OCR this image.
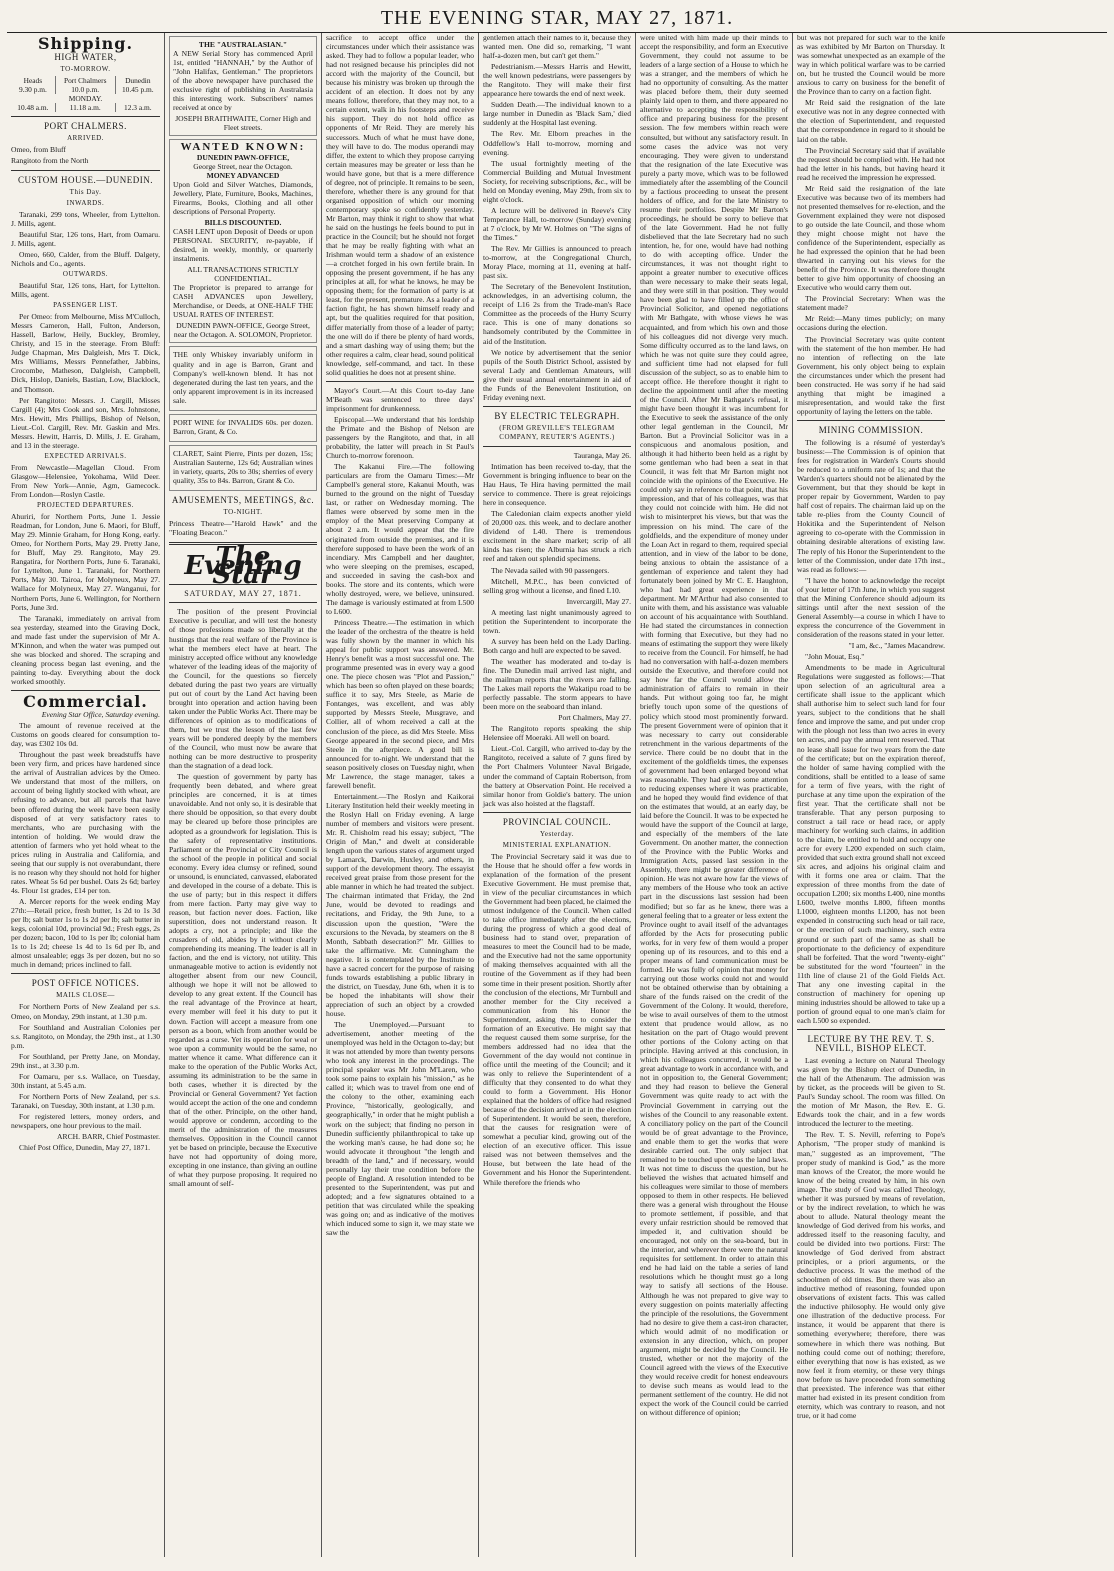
THE EVENING STAR, MAY 27, 1871.
Shipping.
HIGH WATER,
TO-MORROW.
Heads	Port Chalmers	Dunedin
9.30 p.m.	10.0 p.m.	10.45 p.m.
MONDAY.		
10.48 a.m.	11.18 a.m.	12.3 a.m.
PORT CHALMERS.
ARRIVED.

Omeo, from Bluff

Rangitoto from the North

CUSTOM HOUSE.—DUNEDIN.
This Day.
INWARDS.

Taranaki, 299 tons, Wheeler, from Lyttelton. J. Mills, agent.

Beautiful Star, 126 tons, Hart, from Oamaru. J. Mills, agent.

Omeo, 660, Calder, from the Bluff. Dalgety, Nichols and Co., agents.

OUTWARDS.

Beautiful Star, 126 tons, Hart, for Lyttelton. Mills, agent.

PASSENGER LIST.

Per Omeo: from Melbourne, Miss M'Culloch, Messrs Cameron, Hall, Fulton, Anderson, Hassell, Barlow, Heily, Buckley, Bromley, Christy, and 15 in the steerage. From Bluff: Judge Chapman, Mrs Dalgleish, Mrs T. Dick, Mrs Williams, Messrs Pennefather, Jabbins, Crocombe, Matheson, Dalgleish, Campbell, Dick, Hislop, Daniels, Bastian, Low, Blacklock, and Thomson.

Per Rangitoto: Messrs. J. Cargill, Misses Cargill (4); Mrs Cook and son, Mrs. Johnstone, Mrs. Hewitt, Mrs Phillips, Bishop of Nelson, Lieut.-Col. Cargill, Rev. Mr. Gaskin and Mrs. Messrs. Hewitt, Harris, D. Mills, J. E. Graham, and 13 in the steerage.

EXPECTED ARRIVALS.

From Newcastle—Magellan Cloud. From Glasgow—Helensiee, Yokohama, Wild Deer. From New York—Annie, Agm, Gamecock. From London—Roslyn Castle.

PROJECTED DEPARTURES.

Ahuriri, for Northern Ports, June 1. Jessie Readman, for London, June 6. Maori, for Bluff, May 29. Minnie Graham, for Hong Kong, early. Omeo, for Northern Ports, May 29. Pretty Jane, for Bluff, May 29. Rangitoto, May 29. Rangatira, for Northern Ports, June 6. Taranaki, for Lyttelton, June 1. Taranaki, for Northern Ports, May 30. Tairoa, for Molyneux, May 27. Wallace for Molyneux, May 27. Wanganui, for Northern Ports, June 6. Wellington, for Northern Ports, June 3rd.

The Taranaki, immediately on arrival from sea yesterday, steamed into the Graving Dock, and made fast under the supervision of Mr A. M'Kinnon, and when the water was pumped out she was blocked and shored. The scraping and cleaning process began last evening, and the painting to-day. Everything about the dock worked smoothly.

Commercial.

Evening Star Office, Saturday evening.

The amount of revenue received at the Customs on goods cleared for consumption to-day, was £302 10s 0d.

Throughout the past week breadstuffs have been very firm, and prices have hardened since the arrival of Australian advices by the Omeo. We understand that most of the millers, on account of being lightly stocked with wheat, are refusing to advance, but all parcels that have been offered during the week have been easily disposed of at very satisfactory rates to merchants, who are purchasing with the intention of holding. We would draw the attention of farmers who yet hold wheat to the prices ruling in Australia and California, and seeing that our supply is not overabundant, there is no reason why they should not hold for higher rates. Wheat 5s 6d per bushel. Oats 2s 6d; barley 4s. Flour 1st grades, £14 per ton.

A. Mercer reports for the week ending May 27th:—Retail price, fresh butter, 1s 2d to 1s 3d per lb; salt butter 1s to 1s 2d per lb; salt butter in kegs, colonial 10d, provincial 9d.; Fresh eggs, 2s per dozen; bacon, 10d to 1s per lb; colonial ham 1s to 1s 2d; cheese 1s 4d to 1s 6d per lb, and almost unsaleable; eggs 3s per dozen, but no so much in demand; prices inclined to fall.

POST OFFICE NOTICES.
MAILS CLOSE—

For Northern Ports of New Zealand per s.s. Omeo, on Monday, 29th instant, at 1.30 p.m.

For Southland and Australian Colonies per s.s. Rangitoto, on Monday, the 29th inst., at 1.30 p.m.

For Southland, per Pretty Jane, on Monday, 29th inst., at 3.30 p.m.

For Oamaru, per s.s. Wallace, on Tuesday, 30th instant, at 5.45 a.m.

For Northern Ports of New Zealand, per s.s. Taranaki, on Tuesday, 30th instant, at 1.30 p.m.

For registered letters, money orders, and newspapers, one hour previous to the mail.

ARCH. BARR, Chief Postmaster.

Chief Post Office, Dunedin, May 27, 1871.

THE "AUSTRALASIAN."

A NEW Serial Story has commenced April 1st, entitled "HANNAH," by the Author of "John Halifax, Gentleman." The proprietors of the above newspaper have purchased the exclusive right of publishing in Australasia this interesting work. Subscribers' names received at once by

JOSEPH BRAITHWAITE, Corner High and Fleet streets.
WANTED KNOWN:
DUNEDIN PAWN-OFFICE,
George Street, near the Octagon.
MONEY ADVANCED

Upon Gold and Silver Watches, Diamonds, Jewellery, Plate, Furniture, Books, Machines, Firearms, Books, Clothing and all other descriptions of Personal Property.

BILLS DISCOUNTED.

CASH LENT upon Deposit of Deeds or upon PERSONAL SECURITY, re-payable, if desired, in weekly, monthly, or quarterly instalments.

ALL TRANSACTIONS STRICTLY CONFIDENTIAL.

The Proprietor is prepared to arrange for CASH ADVANCES upon Jewellery, Merchandise, or Deeds, at ONE-HALF THE USUAL RATES OF INTEREST.

DUNEDIN PAWN-OFFICE, George Street, near the Octagon. A. SOLOMON, Proprietor.

THE only Whiskey invariably uniform in quality and in age is Barron, Grant and Company's well-known blend. It has not degenerated during the last ten years, and the only apparent improvement is in its increased sale.

PORT WINE for INVALIDS 60s. per dozen. Barron, Grant, & Co.

CLARET, Saint Pierre, Pints per dozen, 15s; Australian Sauterne, 12s 6d; Australian wines in variety, quarts, 20s to 30s; sherries of every quality, 35s to 84s. Barron, Grant & Co.

AMUSEMENTS, MEETINGS, &c.
TO-NIGHT.

Princess Theatre—"Harold Hawk" and the "Floating Beacon."

The Evening Star
SATURDAY, MAY 27, 1871.

The position of the present Provincial Executive is peculiar, and will test the honesty of those professions made so liberally at the hustings that the real welfare of the Province is what the members elect have at heart. The ministry accepted office without any knowledge whatever of the leading ideas of the majority of the Council, for the questions so fiercely debated during the past two years are virtually put out of court by the Land Act having been brought into operation and action having been taken under the Public Works Act. There may be differences of opinion as to modifications of them, but we trust the lesson of the last few years will be pondered deeply by the members of the Council, who must now be aware that nothing can be more destructive to prosperity than the stagnation of a dead lock.

The question of government by party has frequently been debated, and where great principles are concerned, it is at times unavoidable. And not only so, it is desirable that there should be opposition, so that every doubt may be cleared up before those principles are adopted as a groundwork for legislation. This is the safety of representative institutions. Parliament or the Provincial or City Council is the school of the people in political and social economy. Every idea clumsy or refined, sound or unsound, is enunciated, canvassed, elaborated and developed in the course of a debate. This is the use of party; but in this respect it differs from mere faction. Party may give way to reason, but faction never does. Faction, like superstition, does not understand reason. It adopts a cry, not a principle; and like the crusaders of old, abides by it without clearly comprehending its meaning. The leader is all in faction, and the end is victory, not utility. This unmanageable motive to action is evidently not altogether absent from our new Council, although we hope it will not be allowed to develop to any great extent. If the Council has the real advantage of the Province at heart, every member will feel it his duty to put it down. Faction will accept a measure from one person as a boon, which from another would be regarded as a curse. Yet its operation for weal or woe upon a community would be the same, no matter whence it came. What difference can it make to the operation of the Public Works Act, assuming its administration to be the same in both cases, whether it is directed by the Provincial or General Government? Yet faction would accept the action of the one and condemn that of the other. Principle, on the other hand, would approve or condemn, according to the merit of the administration of the measures themselves. Opposition in the Council cannot yet be based on principle, because the Executive have not had opportunity of doing more, excepting in one instance, than giving an outline of what they purpose proposing. It required no small amount of self-

sacrifice to accept office under the circumstances under which their assistance was asked. They had to follow a popular leader, who had not resigned because his principles did not accord with the majority of the Council, but because his ministry was broken up through the accident of an election. It does not by any means follow, therefore, that they may not, to a certain extent, walk in his footsteps and receive his support. They do not hold office as opponents of Mr Reid. They are merely his successors. Much of what he must have done, they will have to do. The modus operandi may differ, the extent to which they propose carrying certain measures may be greater or less than he would have gone, but that is a mere difference of degree, not of principle. It remains to be seen, therefore, whether there is any ground for that organised opposition of which our morning contemporary spoke so confidently yesterday. Mr Barton, may think it right to show that what he said on the hustings he feels bound to put in practice in the Council; but he should not forget that he may be really fighting with what an Irishman would term a shadow of an existence—a crotchet forged in his own fertile brain. In opposing the present government, if he has any principles at all, for what he knows, he may be opposing them; for the formation of party is at least, for the present, premature. As a leader of a faction fight, he has shown himself ready and apt, but the qualities required for that position, differ materially from those of a leader of party; the one will do if there be plenty of hard words, and a smart dashing way of using them; but the other requires a calm, clear head, sound political knowledge, self-command, and tact. In these solid qualities he does not at present shine.

Mayor's Court.—At this Court to-day Jane M'Beath was sentenced to three days' imprisonment for drunkenness.

Episcopal.—We understand that his lordship the Primate and the Bishop of Nelson are passengers by the Rangitoto, and that, in all probability, the latter will preach in St Paul's Church to-morrow forenoon.

The Kakanui Fire.—The following particulars are from the Oamaru Times:—Mr Campbell's general store, Kakanui Mouth, was burned to the ground on the night of Tuesday last, or rather on Wednesday morning. The flames were observed by some men in the employ of the Meat preserving Company at about 2 a.m. It would appear that the fire originated from outside the premises, and it is therefore supposed to have been the work of an incendiary. Mrs Campbell and her daughter, who were sleeping on the premises, escaped, and succeeded in saving the cash-box and books. The store and its contents, which were wholly destroyed, were, we believe, uninsured. The damage is variously estimated at from L500 to L600.

Princess Theatre.—The estimation in which the leader of the orchestra of the theatre is held was fully shown by the manner in which his appeal for public support was answered. Mr. Henry's benefit was a most successful one. The programme presented was in every way a good one. The piece chosen was "Plot and Passion," which has been so often played on these boards; suffice it to say, Mrs Steele, as Marie de Fontanges, was excellent, and was ably supported by Messrs Steele, Musgrave, and Collier, all of whom received a call at the conclusion of the piece, as did Mrs Steele. Miss George appeared in the second piece, and Mrs Steele in the afterpiece. A good bill is announced for to-night. We understand that the season positively closes on Tuesday night, when Mr Lawrence, the stage manager, takes a farewell benefit.

Entertainment.—The Roslyn and Kaikorai Literary Institution held their weekly meeting in the Roslyn Hall on Friday evening. A large number of members and visitors were present. Mr. R. Chisholm read his essay; subject, "The Origin of Man," and dwelt at considerable length upon the various states of argument urged by Lamarck, Darwin, Huxley, and others, in support of the development theory. The essayist received great praise from those present for the able manner in which he had treated the subject. The chairman intimated that Friday, the 2nd June, would be devoted to readings and recitations, and Friday, the 9th June, to a discussion upon the question, "Were the excursions to the Nevada, by steamers on the 8 Month, Sabbath desecration?" Mr. Gillies to take the affirmative. Mr. Cunningham the negative. It is contemplated by the Institute to have a sacred concert for the purpose of raising funds towards establishing a public library in the district, on Tuesday, June 6th, when it is to be hoped the inhabitants will show their appreciation of such an object by a crowded house.

The Unemployed.—Pursuant to advertisement, another meeting of the unemployed was held in the Octagon to-day; but it was not attended by more than twenty persons who took any interest in the proceedings. The principal speaker was Mr John M'Laren, who took some pains to explain his "mission," as he called it; which was to travel from one end of the colony to the other, examining each Province, "historically, geologically, and geographically," in order that he might publish a work on the subject; that finding no person in Dunedin sufficiently philanthropical to take up the working man's cause, he had done so; he would advocate it throughout "the length and breadth of the land," and if necessary, would personally lay their true condition before the people of England. A resolution intended to be presented to the Superintendent, was put and adopted; and a few signatures obtained to a petition that was circulated while the speaking was going on; and as indicative of the motives which induced some to sign it, we may state we saw the

gentlemen attach their names to it, because they wanted men. One did so, remarking, "I want half-a-dozen men, but can't get them."

Pedestrianism.—Messrs Harris and Hewitt, the well known pedestrians, were passengers by the Rangitoto. They will make their first appearance here towards the end of next week.

Sudden Death.—The individual known to a large number in Dunedin as 'Black Sam,' died suddenly at the Hospital last evening.

The Rev. Mr. Elborn preaches in the Oddfellow's Hall to-morrow, morning and evening.

The usual fortnightly meeting of the Commercial Building and Mutual Investment Society, for receiving subscriptions, &c., will be held on Monday evening, May 29th, from six to eight o'clock.

A lecture will be delivered in Reeve's City Temperance Hall, to-morrow (Sunday) evening at 7 o'clock, by Mr W. Holmes on "The signs of the Times."

The Rev. Mr Gillies is announced to preach to-morrow, at the Congregational Church, Moray Place, morning at 11, evening at half-past six.

The Secretary of the Benevolent Institution, acknowledges, in an advertising column, the receipt of L16 2s from the Trade-man's Race Committee as the proceeds of the Hurry Scurry race. This is one of many donations so handsomely contributed by the Committee in aid of the Institution.

We notice by advertisement that the senior pupils of the South District School, assisted by several Lady and Gentleman Amateurs, will give their usual annual entertainment in aid of the Funds of the Benevolent Institution, on Friday evening next.

BY ELECTRIC TELEGRAPH.
(FROM GREVILLE'S TELEGRAM COMPANY, REUTER'S AGENTS.)

Tauranga, May 26.

Intimation has been received to-day, that the Government is bringing influence to bear on the Hau Haus, Te Hira having permitted the mail service to commence. There is great rejoicings here in consequence.

The Caledonian claim expects another yield of 20,000 ozs. this week, and to declare another dividend of L40. There is tremendous excitement in the share market; scrip of all kinds has risen; the Alburnia has struck a rich reef and taken out splendid specimens.

The Nevada sailed with 90 passengers.

Mitchell, M.P.C., has been convicted of selling grog without a license, and fined L10.

Invercargill, May 27.

A meeting last night unanimously agreed to petition the Superintendent to incorporate the town.

A survey has been held on the Lady Darling. Both cargo and hull are expected to be saved.

The weather has moderated and to-day is fine. The Dunedin mail arrived last night, and the mailman reports that the rivers are falling. The Lakes mail reports the Wakatipu road to be perfectly passable. The storm appears to have been more on the seaboard than inland.

Port Chalmers, May 27.

The Rangitoto reports speaking the ship Helensiee off Moeraki. All well on board.

Lieut.-Col. Cargill, who arrived to-day by the Rangitoto, received a salute of 7 guns fired by the Port Chalmers Volunteer Naval Brigade, under the command of Captain Robertson, from the battery at Observation Point. He received a similar honor from Goldie's battery. The union jack was also hoisted at the flagstaff.

PROVINCIAL COUNCIL.
Yesterday.
MINISTERIAL EXPLANATION.

The Provincial Secretary said it was due to the House that he should offer a few words in explanation of the formation of the present Executive Government. He must premise that, in view of the peculiar circumstances in which the Government had been placed, he claimed the utmost indulgence of the Council. When called to take office immediately after the elections, during the progress of which a good deal of business had to stand over, preparation of measures to meet the Council had to be made, and the Executive had not the same opportunity of making themselves acquainted with all the routine of the Government as if they had been some time in their present position. Shortly after the conclusion of the elections, Mr Turnbull and another member for the City received a communication from his Honor the Superintendent, asking them to consider the formation of an Executive. He might say that the request caused them some surprise, for the members addressed had no idea that the Government of the day would not continue in office until the meeting of the Council; and it was only to relieve the Superintendent of a difficulty that they consented to do what they could to form a Government. His Honor explained that the holders of office had resigned because of the decision arrived at in the election of Superintendent. It would be seen, therefore, that the causes for resignation were of somewhat a peculiar kind, growing out of the election of an executive officer. This issue raised was not between themselves and the House, but between the late head of the Government and his Honor the Superintendent. While therefore the friends who

were united with him made up their minds to accept the responsibility, and form an Executive Government, they could not assume to be leaders of a large section of a House to which he was a stranger, and the members of which he had no opportunity of consulting. As the matter was placed before them, their duty seemed plainly laid open to them, and there appeared no alternative to accepting the responsibility of office and preparing business for the present session. The few members within reach were consulted, but without any satisfactory result. In some cases the advice was not very encouraging. They were given to understand that the resignation of the late Executive was purely a party move, which was to be followed immediately after the assembling of the Council by a factious proceeding to unseat the present holders of office, and for the late Ministry to resume their portfolios. Despite Mr Barton's proceedings, he should be sorry to believe that of the late Government. Had he not fully disbelieved that the late Secretary had no such intention, he, for one, would have had nothing to do with accepting office. Under the circumstances, it was not thought right to appoint a greater number to executive offices than were necessary to make their seats legal, and they were still in that position. They would have been glad to have filled up the office of Provincial Solicitor, and opened negotiations with Mr Bathgate, with whose views he was acquainted, and from which his own and those of his colleagues did not diverge very much. Some difficulty occurred as to the land laws, on which he was not quite sure they could agree, and sufficient time had not elapsed for full discussion of the subject, so as to enable him to accept office. He therefore thought it right to decline the appointment until after the meeting of the Council. After Mr Bathgate's refusal, it might have been thought it was incumbent for the Executive to seek the assistance of the only other legal gentleman in the Council, Mr Barton. But a Provincial Solicitor was in a conspicuous and anomalous position, and although it had hitherto been held as a right by some gentleman who had been a seat in that Council, it was felt that Mr Barton might not coincide with the opinions of the Executive. He could only say in reference to that point, that his impression, and that of his colleagues, was that they could not coincide with him. He did not wish to misinterpret his views, but that was the impression on his mind. The care of the goldfields, and the expenditure of money under the Loan Act in regard to them, required special attention, and in view of the labor to be done, being anxious to obtain the assistance of a gentleman of experience and talent they had fortunately been joined by Mr C. E. Haughton, who had had great experience in that department. Mr M'Arthur had also consented to unite with them, and his assistance was valuable on account of his acquaintance with Southland. He had stated the circumstances in connection with forming that Executive, but they had no means of estimating the support they were likely to receive from the Council. For himself, he had had no conversation with half-a-dozen members outside the Executive, and therefore could not say how far the Council would allow the administration of affairs to remain in their hands. Put without going too far, he might briefly touch upon some of the questions of policy which stood most prominently forward. The present Government were of opinion that it was necessary to carry out considerable retrenchment in the various departments of the service. There could be no doubt that in the excitement of the goldfields times, the expenses of government had been enlarged beyond what was reasonable. They had given some attention to reducing expenses where it was practicable, and he hoped they would find evidence of that on the estimates that would, at an early day, be laid before the Council. It was to be expected he would have the support of the Council at large, and especially of the members of the late Government. On another matter, the connection of the Province with the Public Works and Immigration Acts, passed last session in the Assembly, there might be greater difference of opinion. He was not aware how far the views of any members of the House who took an active part in the discussions last session had been modified; but so far as he knew, there was a general feeling that to a greater or less extent the Province ought to avail itself of the advantages afforded by the Acts for prosecuting public works, for in very few of them would a proper opening up of its resources, and to this end a proper means of land communication must be formed. He was fully of opinion that money for carrying out those works could not and would not be obtained otherwise than by obtaining a share of the funds raised on the credit of the Government of the Colony. It would, therefore, be wise to avail ourselves of them to the utmost extent that prudence would allow, as no hesitation on the part of Otago would prevent other portions of the Colony acting on that principle. Having arrived at this conclusion, in which his colleagues concurred, it would be a great advantage to work in accordance with, and not in opposition to, the General Government; and they had reason to believe the General Government was quite ready to act with the Provincial Government in carrying out the wishes of the Council to any reasonable extent. A conciliatory policy on the part of the Council would be of great advantage to the Province, and enable them to get the works that were desirable carried out. The only subject that remained to be touched upon was the land laws. It was not time to discuss the question, but he believed the wishes that actuated himself and his colleagues were similar to those of members opposed to them in other respects. He believed there was a general wish throughout the House to promote settlement, if possible, and that every unfair restriction should be removed that impeded it, and cultivation should be encouraged, not only on the sea-board, but in the interior, and wherever there were the natural requisites for settlement. In order to attain this end he had laid on the table a series of land resolutions which he thought must go a long way to satisfy all sections of the House. Although he was not prepared to give way to every suggestion on points materially affecting the principle of the resolutions, the Government had no desire to give them a cast-iron character, which would admit of no modification or extension in any direction, which, on proper argument, might be decided by the Council. He trusted, whether or not the majority of the Council agreed with the views of the Executive they would receive credit for honest endeavours to devise such means as would lead to the permanent settlement of the country. He did not expect the work of the Council could be carried on without difference of opinion;

but was not prepared for such war to the knife as was exhibited by Mr Barton on Thursday. It was somewhat unexpected as an example of the way in which political warfare was to be carried on, but he trusted the Council would be more anxious to carry on business for the benefit of the Province than to carry on a faction fight.

Mr Reid said the resignation of the late executive was not in any degree connected with the election of Superintendent, and requested that the correspondence in regard to it should be laid on the table.

The Provincial Secretary said that if available the request should be complied with. He had not had the letter in his hands, but having heard it read he received the impression he expressed.

Mr Reid said the resignation of the late Executive was because two of its members had not presented themselves for re-election, and the Government explained they were not disposed to go outside the late Council, and those whom they might choose might not have the confidence of the Superintendent, especially as he had expressed the opinion that he had been thwarted in carrying out his views for the benefit of the Province. It was therefore thought better to give him opportunity of choosing an Executive who would carry them out.

The Provincial Secretary: When was the statement made?

Mr Reid:—Many times publicly; on many occasions during the election.

The Provincial Secretary was quite content with the statement of the hon member. He had no intention of reflecting on the late Government, his only object being to explain the circumstances under which the present had been constructed. He was sorry if he had said anything that might be imagined a misrepresentation, and would take the first opportunity of laying the letters on the table.

MINING COMMISSION.

The following is a résumé of yesterday's business:—The Commission is of opinion that fees for registration in Warden's Courts should be reduced to a uniform rate of 1s; and that the Warden's quarters should not be alienated by the Government, but that they should be kept in proper repair by Government, Warden to pay half cost of repairs. The chairman laid up on the table re-plies from the County Council of Hokitika and the Superintendent of Nelson agreeing to co-operate with the Commission in obtaining desirable alterations of existing law. The reply of his Honor the Superintendent to the letter of the Commission, under date 17th inst., was read as follows:—

"I have the honor to acknowledge the receipt of your letter of 17th June, in which you suggest that the Mining Conference should adjourn its sittings until after the next session of the General Assembly—a course in which I have to express the concurrence of the Government in consideration of the reasons stated in your letter.

"I am, &c., "James Macandrew.

"John Mouat, Esq."

Amendments to be made in Agricultural Regulations were suggested as follows:—That upon selection of an agricultural area a certificate shall issue to the applicant which shall authorise him to select such land for four years, subject to the conditions that he shall fence and improve the same, and put under crop with the plough not less than two acres in every ten acres, and pay the annual rent reserved. That no lease shall issue for two years from the date of the certificate; but on the expiration thereof, the holder of same having complied with the conditions, shall be entitled to a lease of same for a term of five years, with the right of purchase at any time upon the expiration of the first year. That the certificate shall not be transferable. That any person purposing to construct a tail race or head race, or apply machinery for working such claims, in addition to the claim, be entitled to hold and occupy one acre for every L200 expended on such claim, provided that such extra ground shall not exceed six acres, and adjoins his original claim and with it forms one area or claim. That the expression of three months from the date of occupation L200; six months L400, nine months L600, twelve months L800, fifteen months L1000, eighteen months L1200, has not been expended in constructing such head or tail race, or the erection of such machinery, such extra ground or such part of the same as shall be proportionate to the deficiency of expenditure shall be forfeited. That the word "twenty-eight" be substituted for the word "fourteen" in the 11th line of clause 21 of the Gold Fields Act. That any one investing capital in the construction of machinery for opening up mining industries should be allowed to take up a portion of ground equal to one man's claim for each L500 so expended.

LECTURE BY THE REV. T. S. NEVILL, BISHOP ELECT.

Last evening a lecture on Natural Theology was given by the Bishop elect of Dunedin, in the hall of the Athenæum. The admission was by ticket, as the proceeds will be given to St. Paul's Sunday school. The room was filled. On the motion of Mr Mason, the Rev. E. G. Edwards took the chair, and in a few words introduced the lecturer to the meeting.

The Rev. T. S. Nevill, referring to Pope's Aphorism, "The proper study of mankind is man," suggested as an improvement, "The proper study of mankind is God," as the more man knows of the Creator, the more would he know of the being created by him, in his own image. The study of God was called Theology, whether it was pursued by means of revelation, or by the indirect revelation, to which he was about to allude. Natural theology meant the knowledge of God derived from his works, and addressed itself to the reasoning faculty, and could be divided into two portions. First: The knowledge of God derived from abstract principles, or a priori arguments, or the deductive process. It was the method of the schoolmen of old times. But there was also an inductive method of reasoning, founded upon observations of existent facts. This was called the inductive philosophy. He would only give one illustration of the deductive process. For instance, it would be apparent that there is something everywhere; therefore, there was somewhere in which there was nothing. But nothing could come out of nothing; therefore, either everything that now is has existed, as we now feel it from eternity, or these very things now before us have proceeded from something that preexisted. The inference was that either matter had existed in its present condition from eternity, which was contrary to reason, and not true, or it had come
